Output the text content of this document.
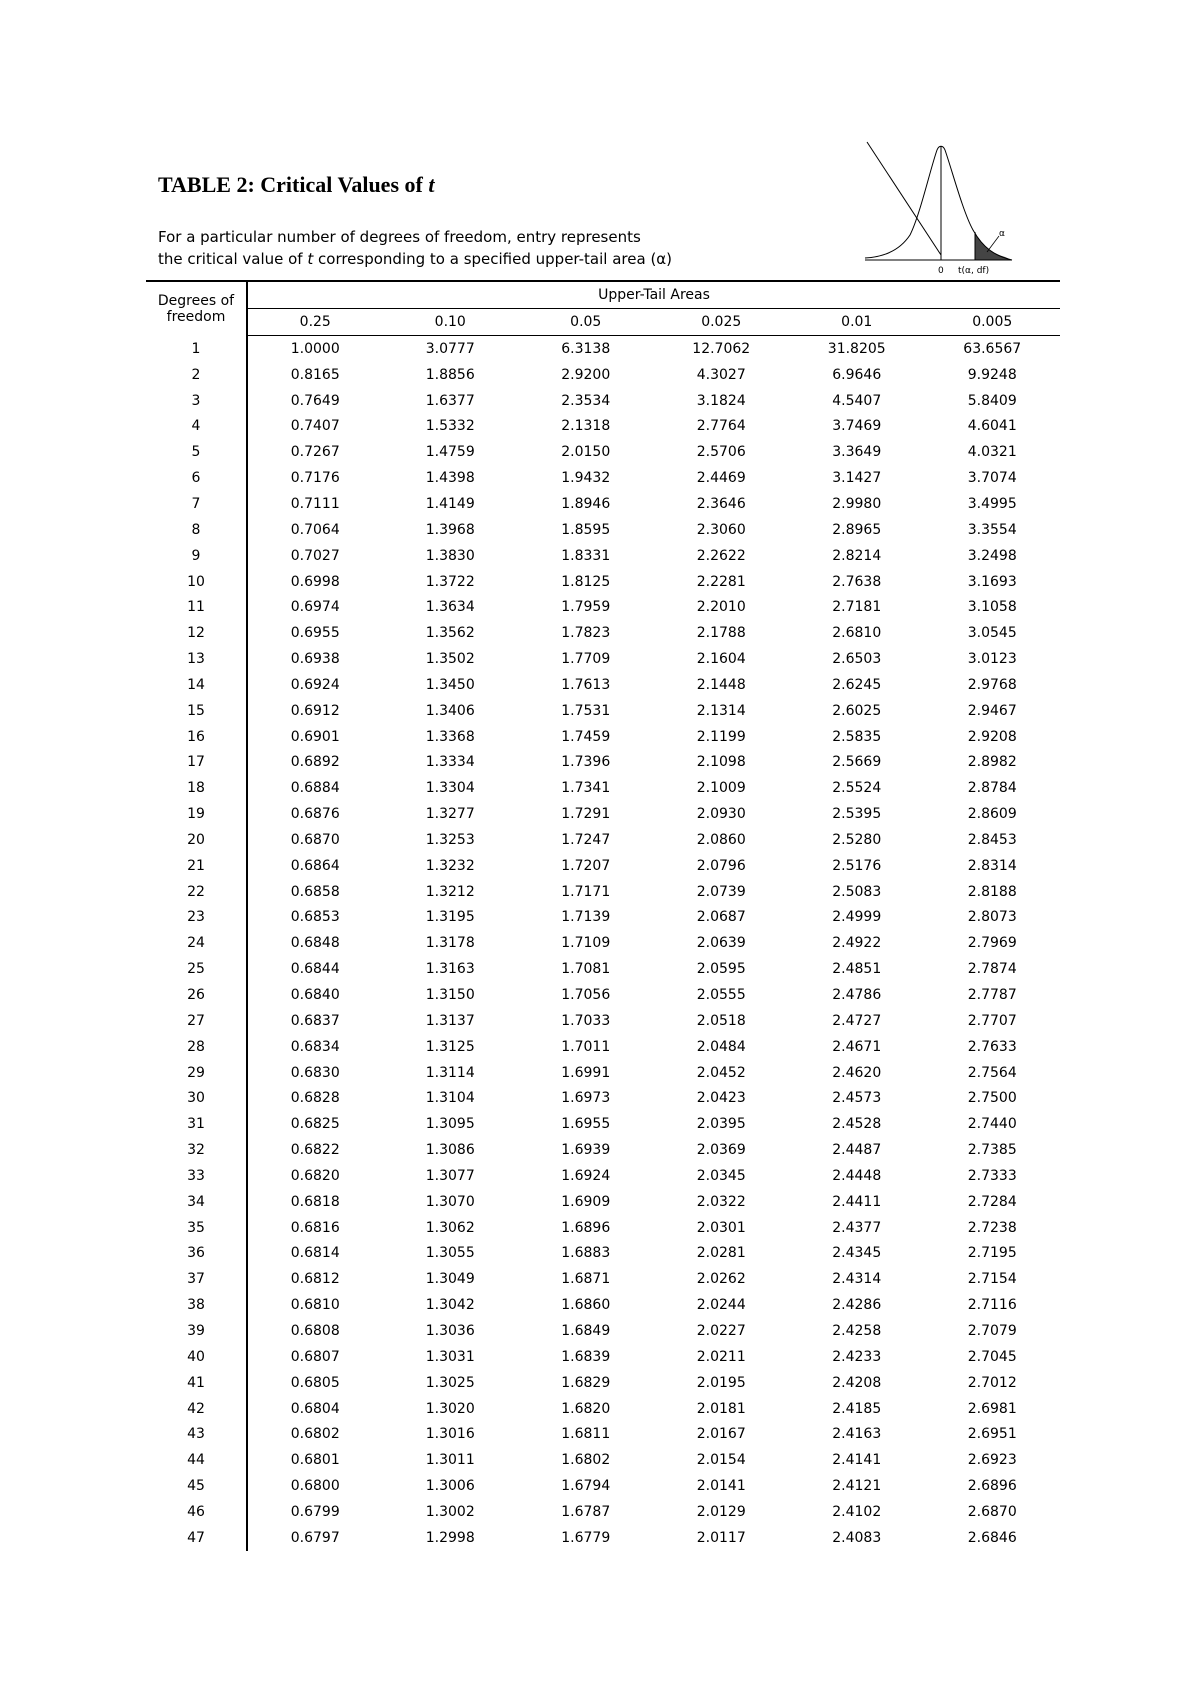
TABLE 2: Critical Values of t
For a particular number of degrees of freedom, entry represents
the critical value of t corresponding to a specified upper-tail area (α)
α
0 t(α, df)
Degrees of
freedom	Upper-Tail Areas					
	0.25	0.10	0.05	0.025	0.01	0.005
1	1.0000	3.0777	6.3138	12.7062	31.8205	63.6567
2	0.8165	1.8856	2.9200	4.3027	6.9646	9.9248
3	0.7649	1.6377	2.3534	3.1824	4.5407	5.8409
4	0.7407	1.5332	2.1318	2.7764	3.7469	4.6041
5	0.7267	1.4759	2.0150	2.5706	3.3649	4.0321
6	0.7176	1.4398	1.9432	2.4469	3.1427	3.7074
7	0.7111	1.4149	1.8946	2.3646	2.9980	3.4995
8	0.7064	1.3968	1.8595	2.3060	2.8965	3.3554
9	0.7027	1.3830	1.8331	2.2622	2.8214	3.2498
10	0.6998	1.3722	1.8125	2.2281	2.7638	3.1693
11	0.6974	1.3634	1.7959	2.2010	2.7181	3.1058
12	0.6955	1.3562	1.7823	2.1788	2.6810	3.0545
13	0.6938	1.3502	1.7709	2.1604	2.6503	3.0123
14	0.6924	1.3450	1.7613	2.1448	2.6245	2.9768
15	0.6912	1.3406	1.7531	2.1314	2.6025	2.9467
16	0.6901	1.3368	1.7459	2.1199	2.5835	2.9208
17	0.6892	1.3334	1.7396	2.1098	2.5669	2.8982
18	0.6884	1.3304	1.7341	2.1009	2.5524	2.8784
19	0.6876	1.3277	1.7291	2.0930	2.5395	2.8609
20	0.6870	1.3253	1.7247	2.0860	2.5280	2.8453
21	0.6864	1.3232	1.7207	2.0796	2.5176	2.8314
22	0.6858	1.3212	1.7171	2.0739	2.5083	2.8188
23	0.6853	1.3195	1.7139	2.0687	2.4999	2.8073
24	0.6848	1.3178	1.7109	2.0639	2.4922	2.7969
25	0.6844	1.3163	1.7081	2.0595	2.4851	2.7874
26	0.6840	1.3150	1.7056	2.0555	2.4786	2.7787
27	0.6837	1.3137	1.7033	2.0518	2.4727	2.7707
28	0.6834	1.3125	1.7011	2.0484	2.4671	2.7633
29	0.6830	1.3114	1.6991	2.0452	2.4620	2.7564
30	0.6828	1.3104	1.6973	2.0423	2.4573	2.7500
31	0.6825	1.3095	1.6955	2.0395	2.4528	2.7440
32	0.6822	1.3086	1.6939	2.0369	2.4487	2.7385
33	0.6820	1.3077	1.6924	2.0345	2.4448	2.7333
34	0.6818	1.3070	1.6909	2.0322	2.4411	2.7284
35	0.6816	1.3062	1.6896	2.0301	2.4377	2.7238
36	0.6814	1.3055	1.6883	2.0281	2.4345	2.7195
37	0.6812	1.3049	1.6871	2.0262	2.4314	2.7154
38	0.6810	1.3042	1.6860	2.0244	2.4286	2.7116
39	0.6808	1.3036	1.6849	2.0227	2.4258	2.7079
40	0.6807	1.3031	1.6839	2.0211	2.4233	2.7045
41	0.6805	1.3025	1.6829	2.0195	2.4208	2.7012
42	0.6804	1.3020	1.6820	2.0181	2.4185	2.6981
43	0.6802	1.3016	1.6811	2.0167	2.4163	2.6951
44	0.6801	1.3011	1.6802	2.0154	2.4141	2.6923
45	0.6800	1.3006	1.6794	2.0141	2.4121	2.6896
46	0.6799	1.3002	1.6787	2.0129	2.4102	2.6870
47	0.6797	1.2998	1.6779	2.0117	2.4083	2.6846
